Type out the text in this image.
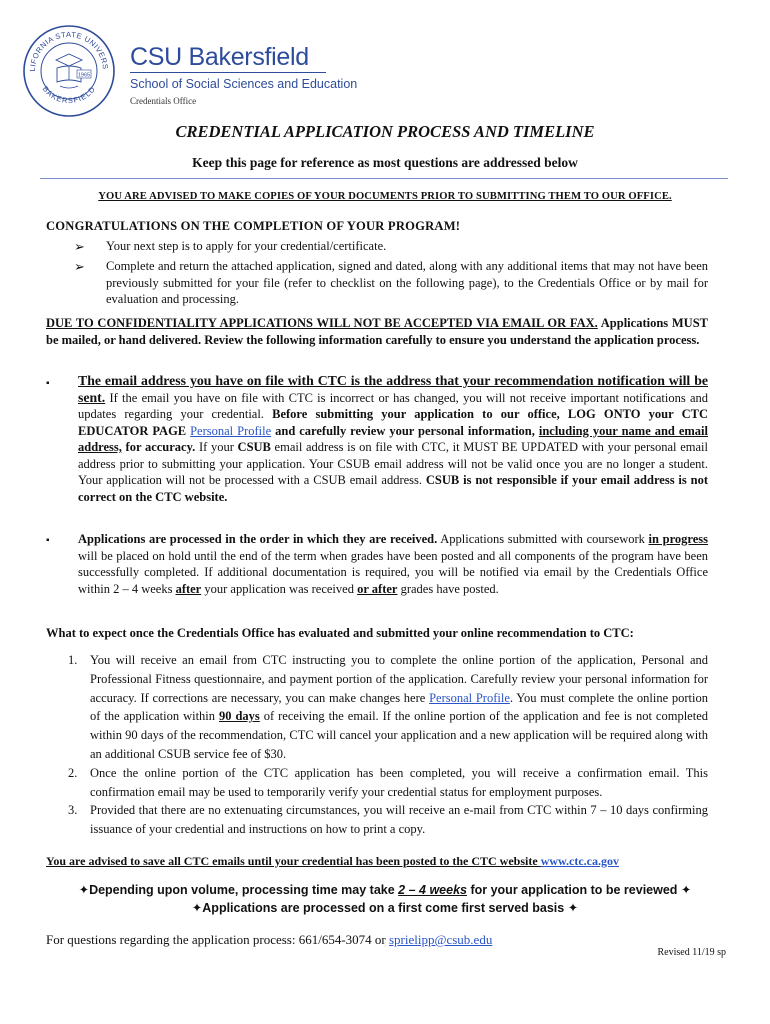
LIFORNIA STATE UNIVERS
BAKERSFIELD
1965
CSU Bakersfield
School of Social Sciences and Education
Credentials Office
CREDENTIAL APPLICATION PROCESS AND TIMELINE
Keep this page for reference as most questions are addressed below
YOU ARE ADVISED TO MAKE COPIES OF YOUR DOCUMENTS PRIOR TO SUBMITTING THEM TO OUR OFFICE.
CONGRATULATIONS ON THE COMPLETION OF YOUR PROGRAM!
➢ Your next step is to apply for your credential/certificate.
➢ Complete and return the attached application, signed and dated, along with any additional items that may not have been previously submitted for your file (refer to checklist on the following page), to the Credentials Office or by mail for evaluation and processing.
DUE TO CONFIDENTIALITY APPLICATIONS WILL NOT BE ACCEPTED VIA EMAIL OR FAX. Applications MUST be mailed, or hand delivered. Review the following information carefully to ensure you understand the application process.
▪ The email address you have on file with CTC is the address that your recommendation notification will be sent. If the email you have on file with CTC is incorrect or has changed, you will not receive important notifications and updates regarding your credential. Before submitting your application to our office, LOG ONTO your CTC EDUCATOR PAGE Personal Profile and carefully review your personal information, including your name and email address, for accuracy. If your CSUB email address is on file with CTC, it MUST BE UPDATED with your personal email address prior to submitting your application. Your CSUB email address will not be valid once you are no longer a student. Your application will not be processed with a CSUB email address. CSUB is not responsible if your email address is not correct on the CTC website.
▪ Applications are processed in the order in which they are received. Applications submitted with coursework in progress will be placed on hold until the end of the term when grades have been posted and all components of the program have been successfully completed. If additional documentation is required, you will be notified via email by the Credentials Office within 2 – 4 weeks after your application was received or after grades have posted.
What to expect once the Credentials Office has evaluated and submitted your online recommendation to CTC:
1. You will receive an email from CTC instructing you to complete the online portion of the application, Personal and Professional Fitness questionnaire, and payment portion of the application. Carefully review your personal information for accuracy. If corrections are necessary, you can make changes here Personal Profile. You must complete the online portion of the application within 90 days of receiving the email. If the online portion of the application and fee is not completed within 90 days of the recommendation, CTC will cancel your application and a new application will be required along with an additional CSUB service fee of $30.
2. Once the online portion of the CTC application has been completed, you will receive a confirmation email. This confirmation email may be used to temporarily verify your credential status for employment purposes.
3. Provided that there are no extenuating circumstances, you will receive an e-mail from CTC within 7 – 10 days confirming issuance of your credential and instructions on how to print a copy.
You are advised to save all CTC emails until your credential has been posted to the CTC website www.ctc.ca.gov
✦Depending upon volume, processing time may take 2 – 4 weeks for your application to be reviewed ✦
✦Applications are processed on a first come first served basis ✦
For questions regarding the application process: 661/654-3074 or sprielipp@csub.edu
Revised 11/19 sp
